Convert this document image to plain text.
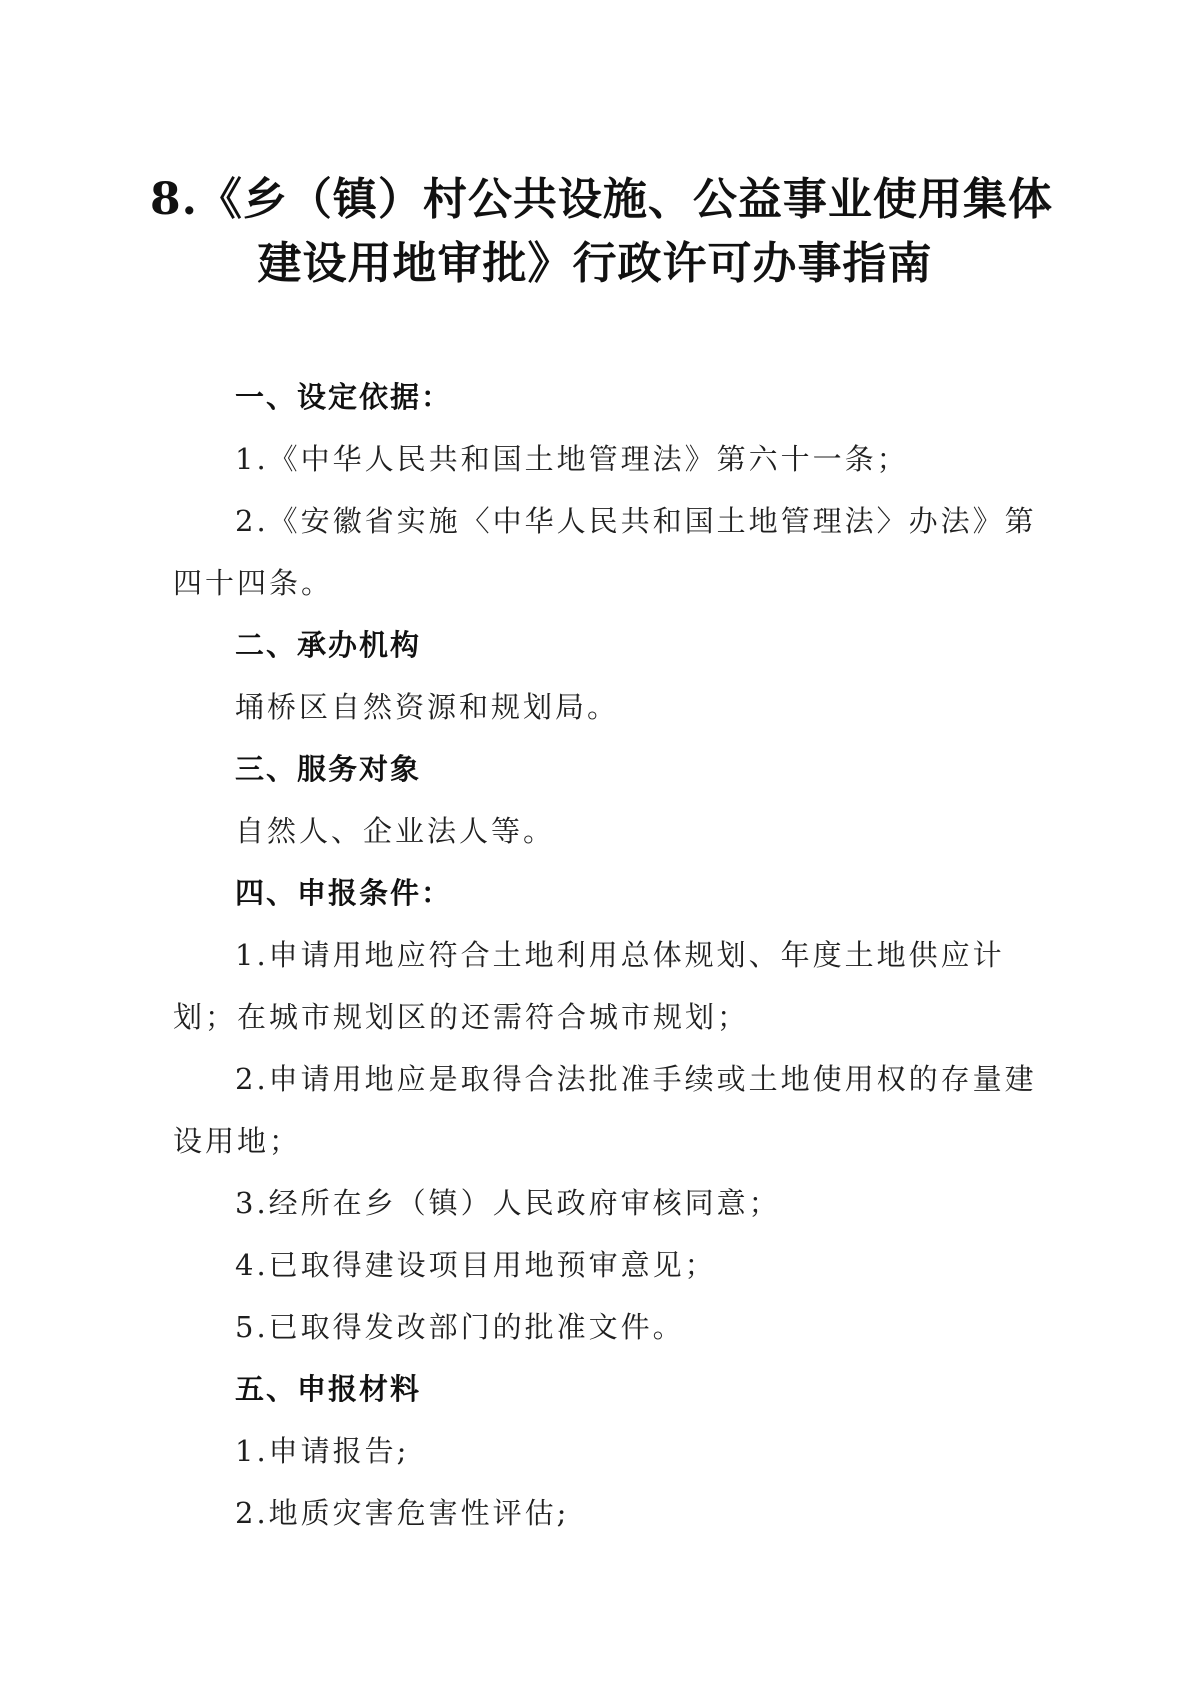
8.《乡（镇）村公共设施、公益事业使用集体
建设用地审批》行政许可办事指南

一、设定依据：

1.《中华人民共和国土地管理法》第六十一条；

2.《安徽省实施〈中华人民共和国土地管理法〉办法》第四十四条。

二、承办机构

埇桥区自然资源和规划局。

三、服务对象

自然人、企业法人等。

四、申报条件：

1.申请用地应符合土地利用总体规划、年度土地供应计划；在城市规划区的还需符合城市规划；

2.申请用地应是取得合法批准手续或土地使用权的存量建设用地；

3.经所在乡（镇）人民政府审核同意；

4.已取得建设项目用地预审意见；

5.已取得发改部门的批准文件。

五、申报材料

1.申请报告;

2.地质灾害危害性评估;
